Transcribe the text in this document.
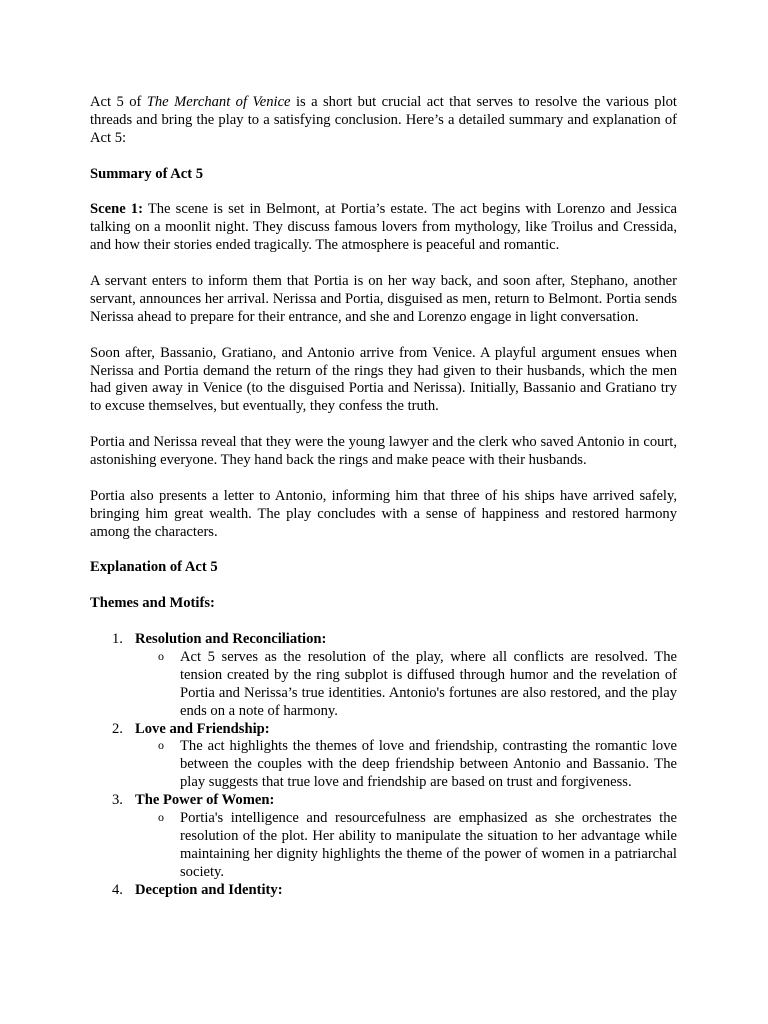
Act 5 of The Merchant of Venice is a short but crucial act that serves to resolve the various plot threads and bring the play to a satisfying conclusion. Here’s a detailed summary and explanation of Act 5:

Summary of Act 5

Scene 1: The scene is set in Belmont, at Portia’s estate. The act begins with Lorenzo and Jessica talking on a moonlit night. They discuss famous lovers from mythology, like Troilus and Cressida, and how their stories ended tragically. The atmosphere is peaceful and romantic.

A servant enters to inform them that Portia is on her way back, and soon after, Stephano, another servant, announces her arrival. Nerissa and Portia, disguised as men, return to Belmont. Portia sends Nerissa ahead to prepare for their entrance, and she and Lorenzo engage in light conversation.

Soon after, Bassanio, Gratiano, and Antonio arrive from Venice. A playful argument ensues when Nerissa and Portia demand the return of the rings they had given to their husbands, which the men had given away in Venice (to the disguised Portia and Nerissa). Initially, Bassanio and Gratiano try to excuse themselves, but eventually, they confess the truth.

Portia and Nerissa reveal that they were the young lawyer and the clerk who saved Antonio in court, astonishing everyone. They hand back the rings and make peace with their husbands.

Portia also presents a letter to Antonio, informing him that three of his ships have arrived safely, bringing him great wealth. The play concludes with a sense of happiness and restored harmony among the characters.

Explanation of Act 5
Themes and Motifs:
1. Resolution and Reconciliation:
o Act 5 serves as the resolution of the play, where all conflicts are resolved. The tension created by the ring subplot is diffused through humor and the revelation of Portia and Nerissa’s true identities. Antonio's fortunes are also restored, and the play ends on a note of harmony.
2. Love and Friendship:
o The act highlights the themes of love and friendship, contrasting the romantic love between the couples with the deep friendship between Antonio and Bassanio. The play suggests that true love and friendship are based on trust and forgiveness.
3. The Power of Women:
o Portia's intelligence and resourcefulness are emphasized as she orchestrates the resolution of the plot. Her ability to manipulate the situation to her advantage while maintaining her dignity highlights the theme of the power of women in a patriarchal society.
4. Deception and Identity:
